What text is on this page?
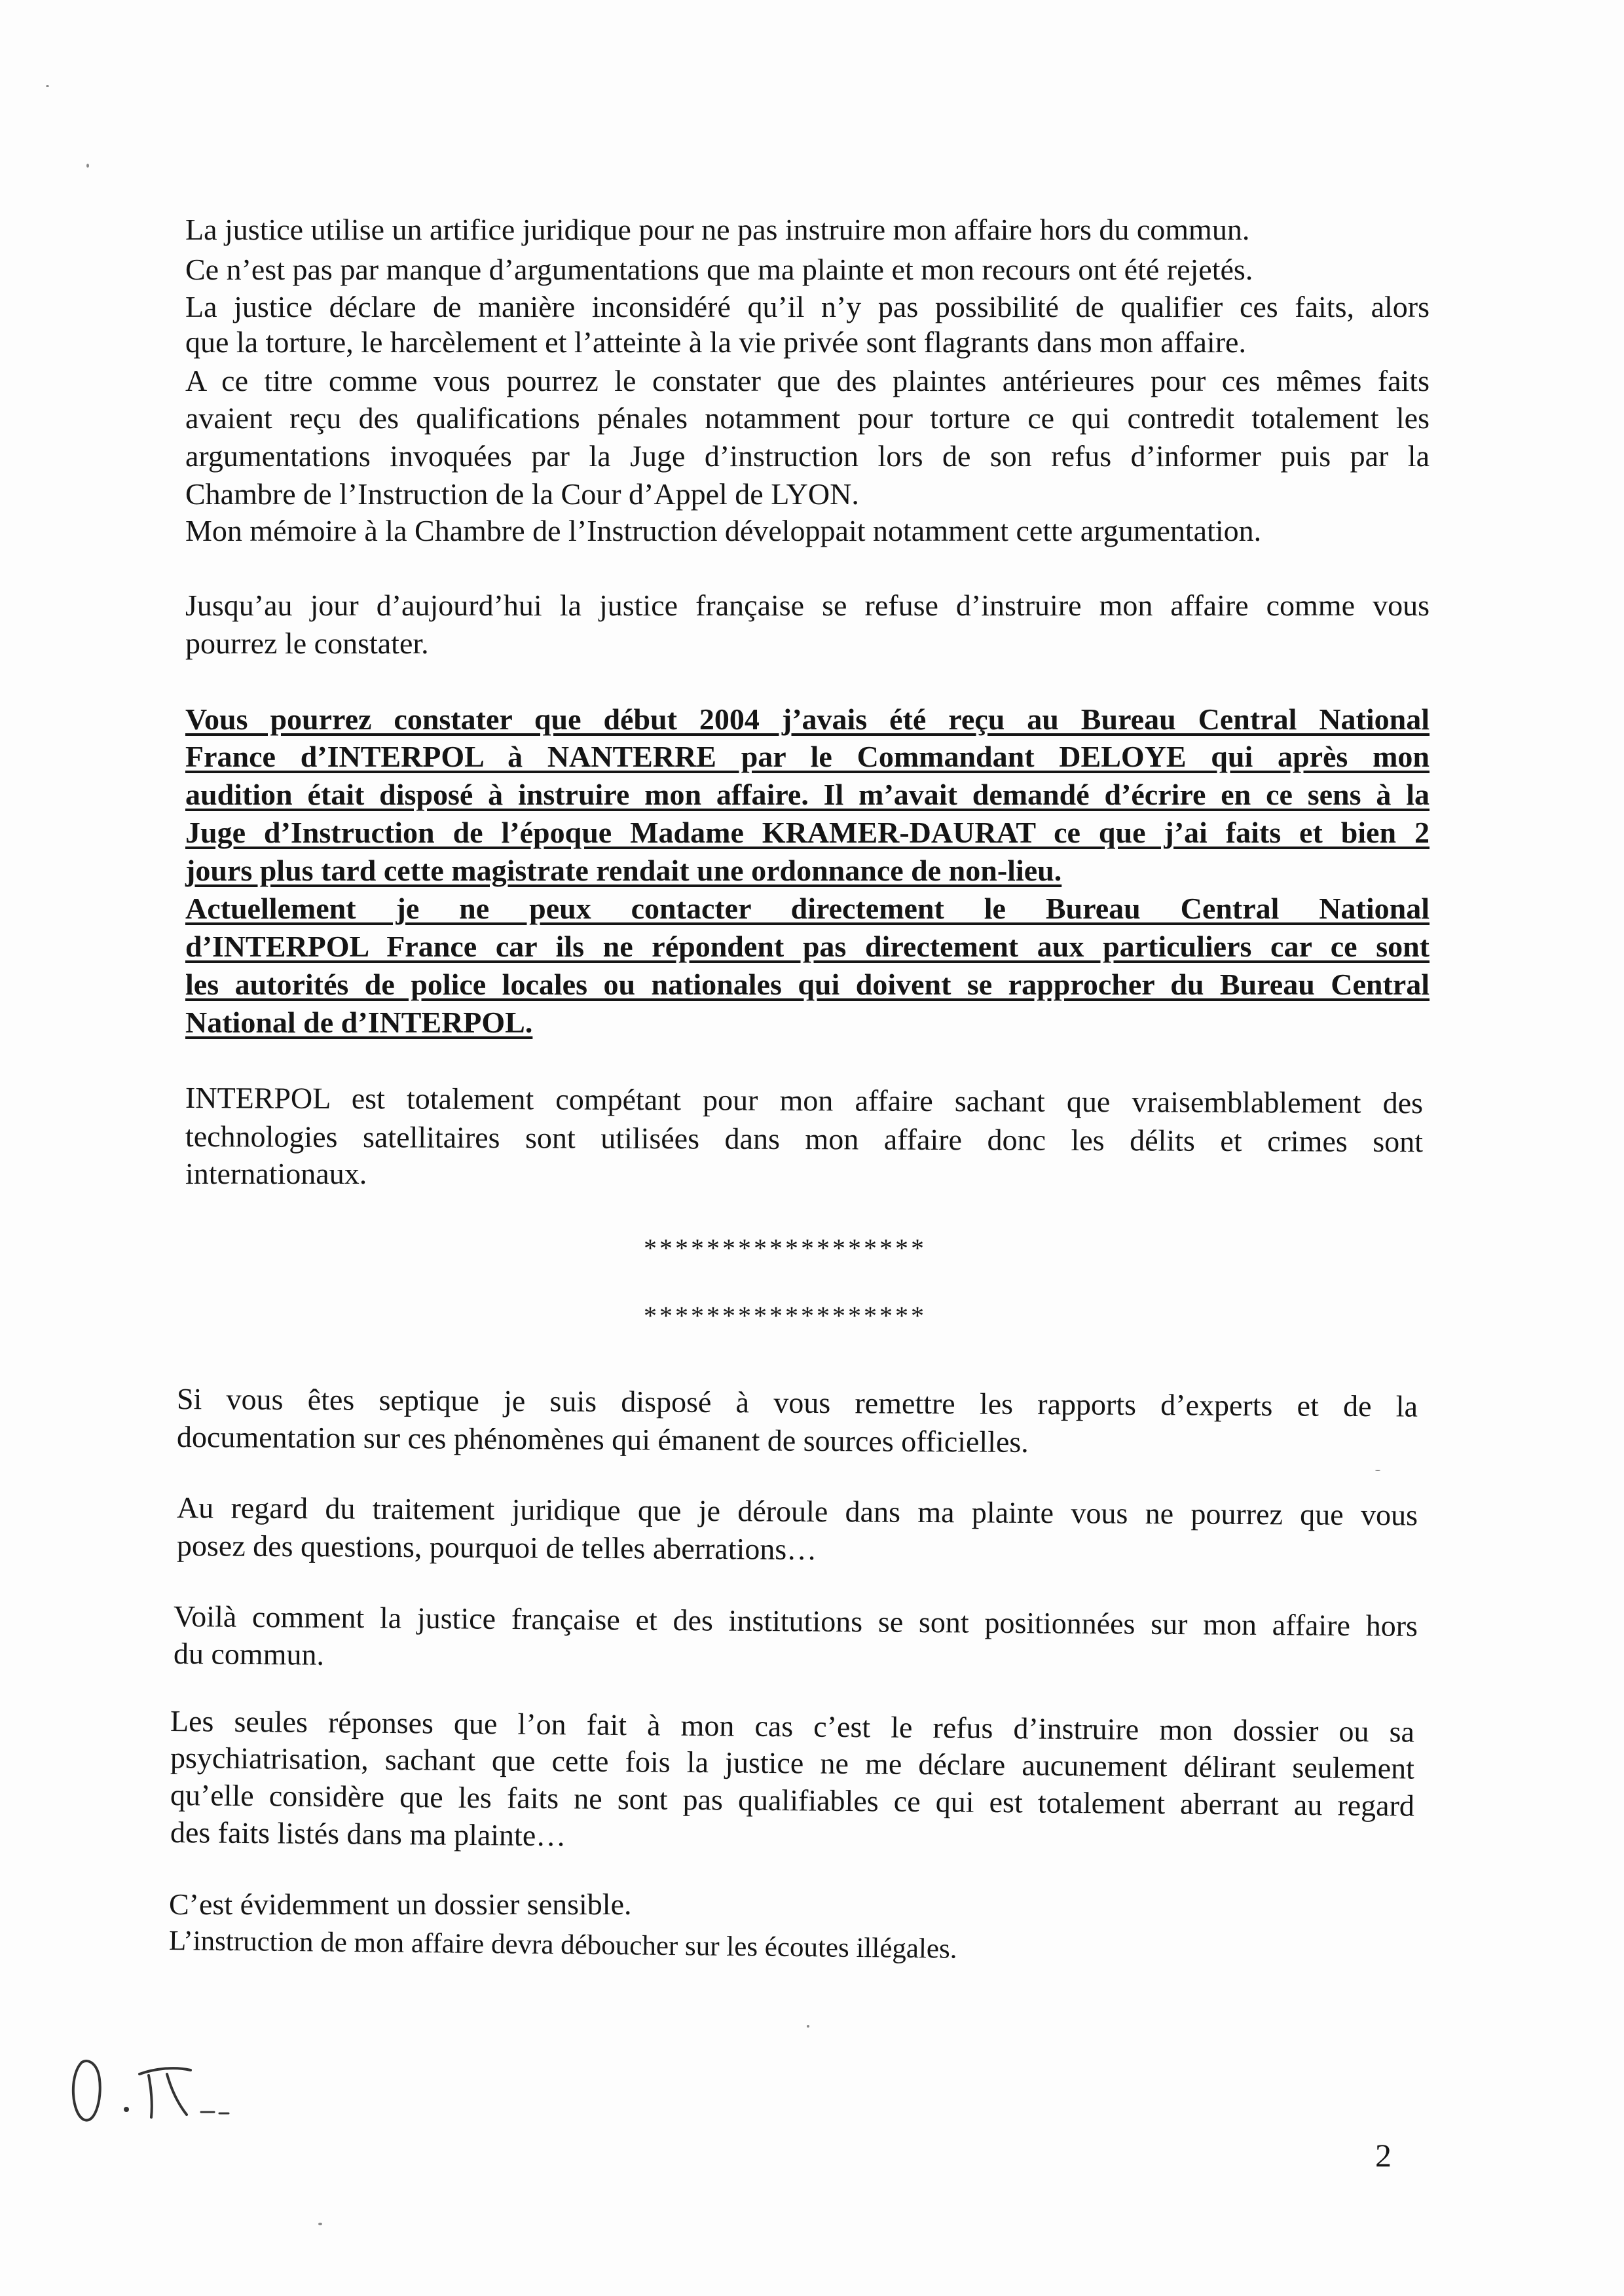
La justice utilise un artifice juridique pour ne pas instruire mon affaire hors du commun.
Ce n’est pas par manque d’argumentations que ma plainte et mon recours ont été rejetés.
La justice déclare de manière inconsidéré qu’il n’y pas possibilité de qualifier ces faits, alors
que la torture, le harcèlement et l’atteinte à la vie privée sont flagrants dans mon affaire.
A ce titre comme vous pourrez le constater que des plaintes antérieures pour ces mêmes faits
avaient reçu des qualifications pénales notamment pour torture ce qui contredit totalement les
argumentations invoquées par la Juge d’instruction lors de son refus d’informer puis par la
Chambre de l’Instruction de la Cour d’Appel de LYON.
Mon mémoire à la Chambre de l’Instruction développait notamment cette argumentation.
Jusqu’au jour d’aujourd’hui la justice française se refuse d’instruire mon affaire comme vous
pourrez le constater.
Vous pourrez constater que début 2004 j’avais été reçu au Bureau Central National
France d’INTERPOL à NANTERRE par le Commandant DELOYE qui après mon
audition était disposé à instruire mon affaire. Il m’avait demandé d’écrire en ce sens à la
Juge d’Instruction de l’époque Madame KRAMER-DAURAT ce que j’ai faits et bien 2
jours plus tard cette magistrate rendait une ordonnance de non-lieu.
Actuellement je ne peux contacter directement le Bureau Central National
d’INTERPOL France car ils ne répondent pas directement aux particuliers car ce sont
les autorités de police locales ou nationales qui doivent se rapprocher du Bureau Central
National de d’INTERPOL.
INTERPOL est totalement compétant pour mon affaire sachant que vraisemblablement des
technologies satellitaires sont utilisées dans mon affaire donc les délits et crimes sont
internationaux.
******************
******************
Si vous êtes septique je suis disposé à vous remettre les rapports d’experts et de la
documentation sur ces phénomènes qui émanent de sources officielles.
Au regard du traitement juridique que je déroule dans ma plainte vous ne pourrez que vous
posez des questions, pourquoi de telles aberrations…
Voilà comment la justice française et des institutions se sont positionnées sur mon affaire hors
du commun.
Les seules réponses que l’on fait à mon cas c’est le refus d’instruire mon dossier ou sa
psychiatrisation, sachant que cette fois la justice ne me déclare aucunement délirant seulement
qu’elle considère que les faits ne sont pas qualifiables ce qui est totalement aberrant au regard
des faits listés dans ma plainte…
C’est évidemment un dossier sensible.
L’instruction de mon affaire devra déboucher sur les écoutes illégales.
2
